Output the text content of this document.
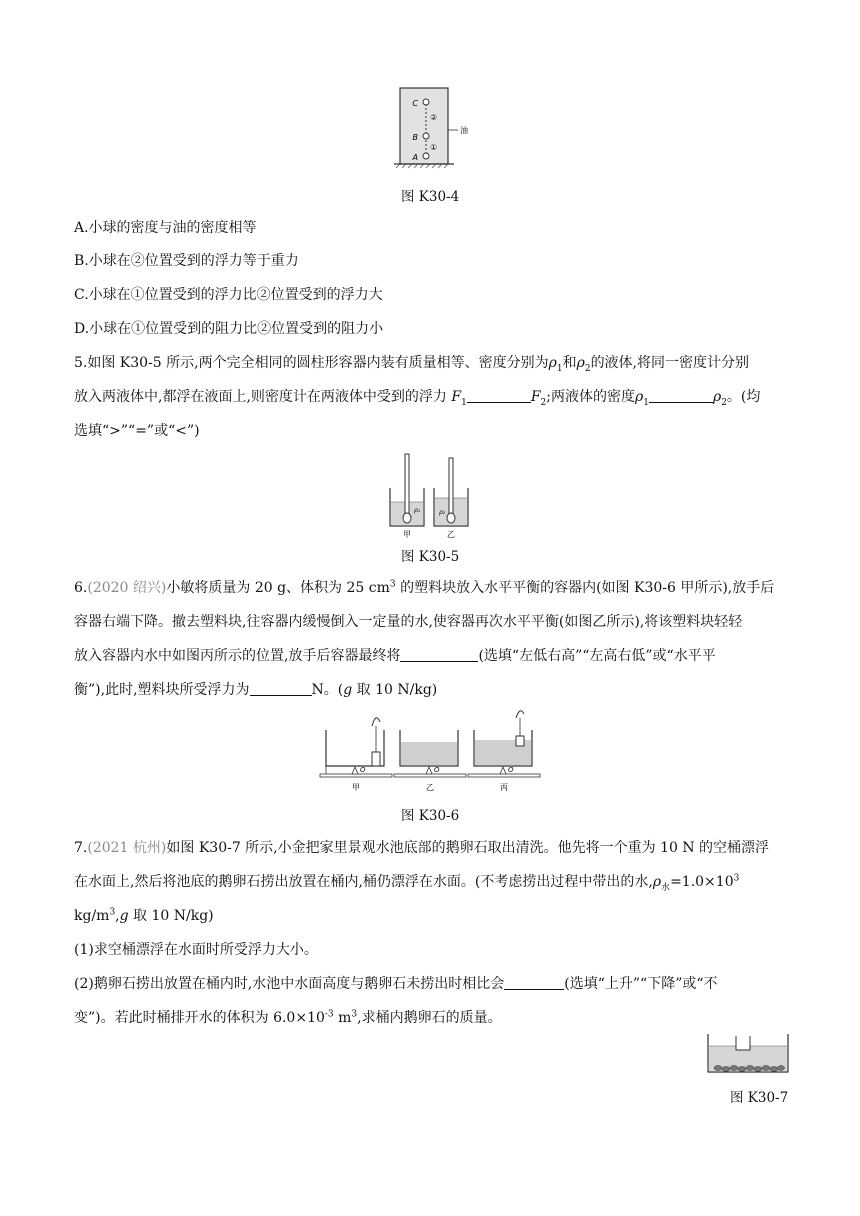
C
B
A
②
①
油
图 K30-4
A.小球的密度与油的密度相等
B.小球在②位置受到的浮力等于重力
C.小球在①位置受到的浮力比②位置受到的浮力大
D.小球在①位置受到的阻力比②位置受到的阻力小
5.如图 K30-5 所示,两个完全相同的圆柱形容器内装有质量相等、密度分别为$\rho_1$和$\rho_2$的液体,将同一密度计分别
放入两液体中,都浮在液面上,则密度计在两液体中受到的浮力 $F_1$	$F_2$;两液体的密度$\rho_1$	$\rho_2$。(均
选填“>”“=”或“<”)
ρ₁	ρ₂
甲	乙
图 K30-5
6.(2020 绍兴)小敏将质量为 20 g、体积为 25 $cm^3$ 的塑料块放入水平平衡的容器内(如图 K30-6 甲所示),放手后
容器右端下降。撤去塑料块,往容器内缓慢倒入一定量的水,使容器再次水平平衡(如图乙所示),将该塑料块轻轻
放入容器内水中如图丙所示的位置,放手后容器最终将	(选填“左低右高”“左高右低”或“水平平
衡”),此时,塑料块所受浮力为	N。(g 取 10 N/kg)
O	O	O
甲	乙	丙
图 K30-6
7.(2021 杭州)如图 K30-7 所示,小金把家里景观水池底部的鹅卵石取出清洗。他先将一个重为 10 N 的空桶漂浮
在水面上,然后将池底的鹅卵石捞出放置在桶内,桶仍漂浮在水面。(不考虑捞出过程中带出的水$,\rho_水=1.0\times 10^3$
$kg/m^3,g$ 取 10 N/kg)
(1)求空桶漂浮在水面时所受浮力大小。
(2)鹅卵石捞出放置在桶内时,水池中水面高度与鹅卵石未捞出时相比会	(选填“上升”“下降”或“不
变”)。若此时桶排开水的体积为 $6.0\times 10^{-3}$ $m^3$,求桶内鹅卵石的质量。
图 K30-7
